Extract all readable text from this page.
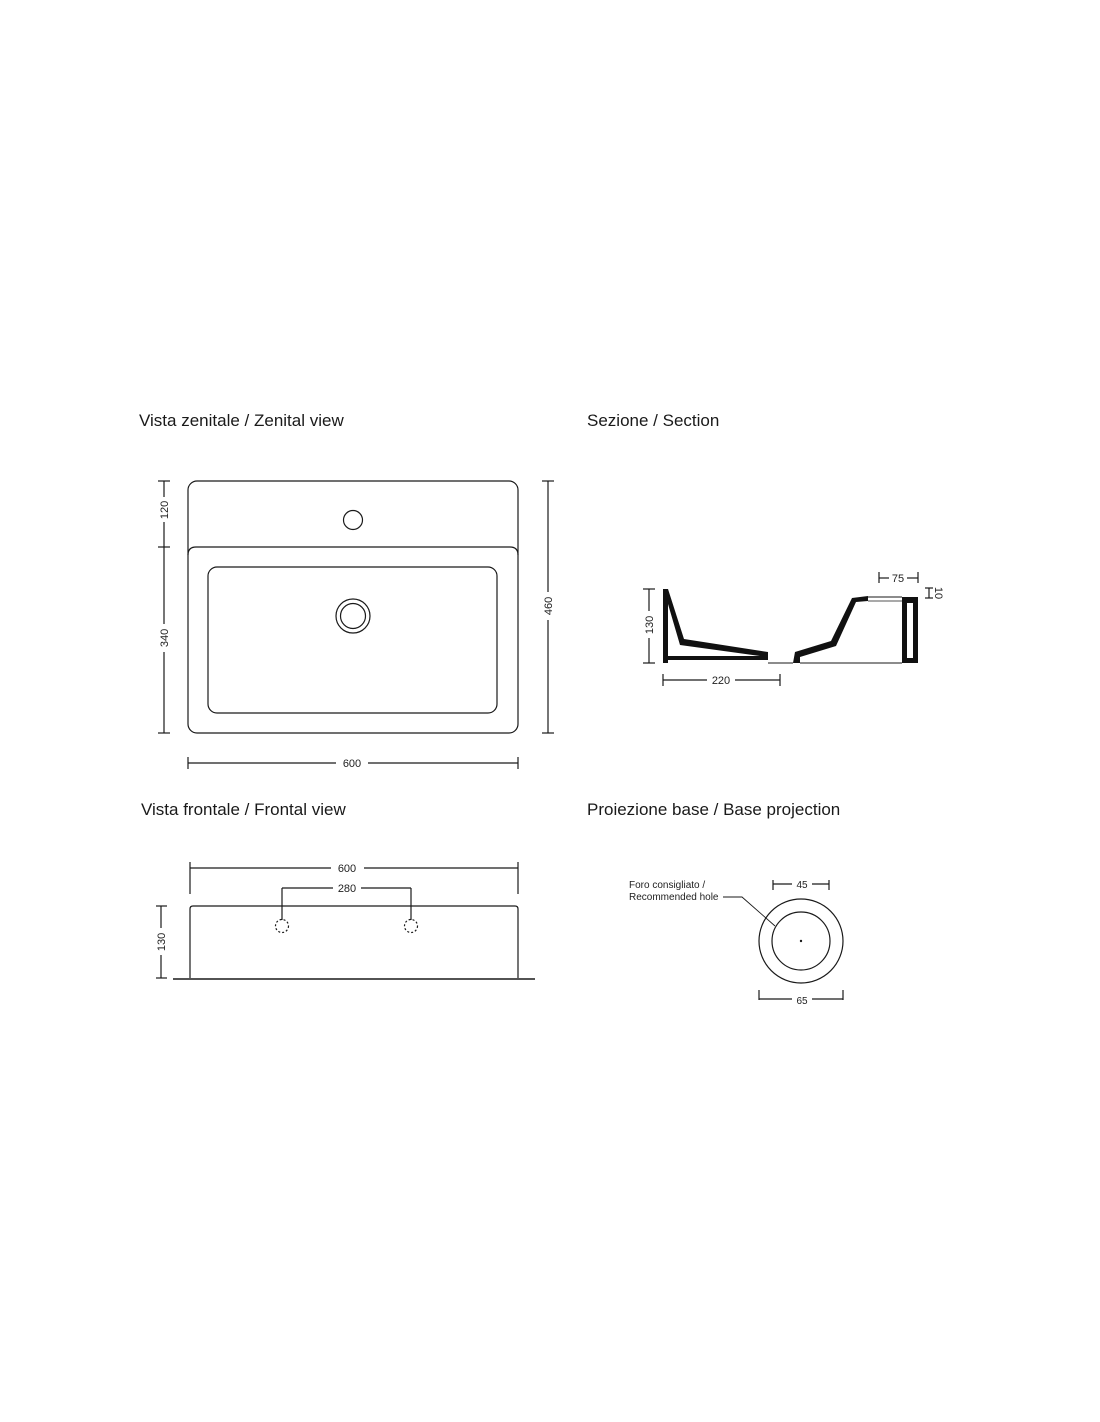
Vista zenitale / Zenital view	Sezione / Section
Vista frontale / Frontal view	Proiezione base / Base projection
600
120
340
460
130
220
75
10
600
280
130
Foro consigliato /
Recommended hole
45
65
